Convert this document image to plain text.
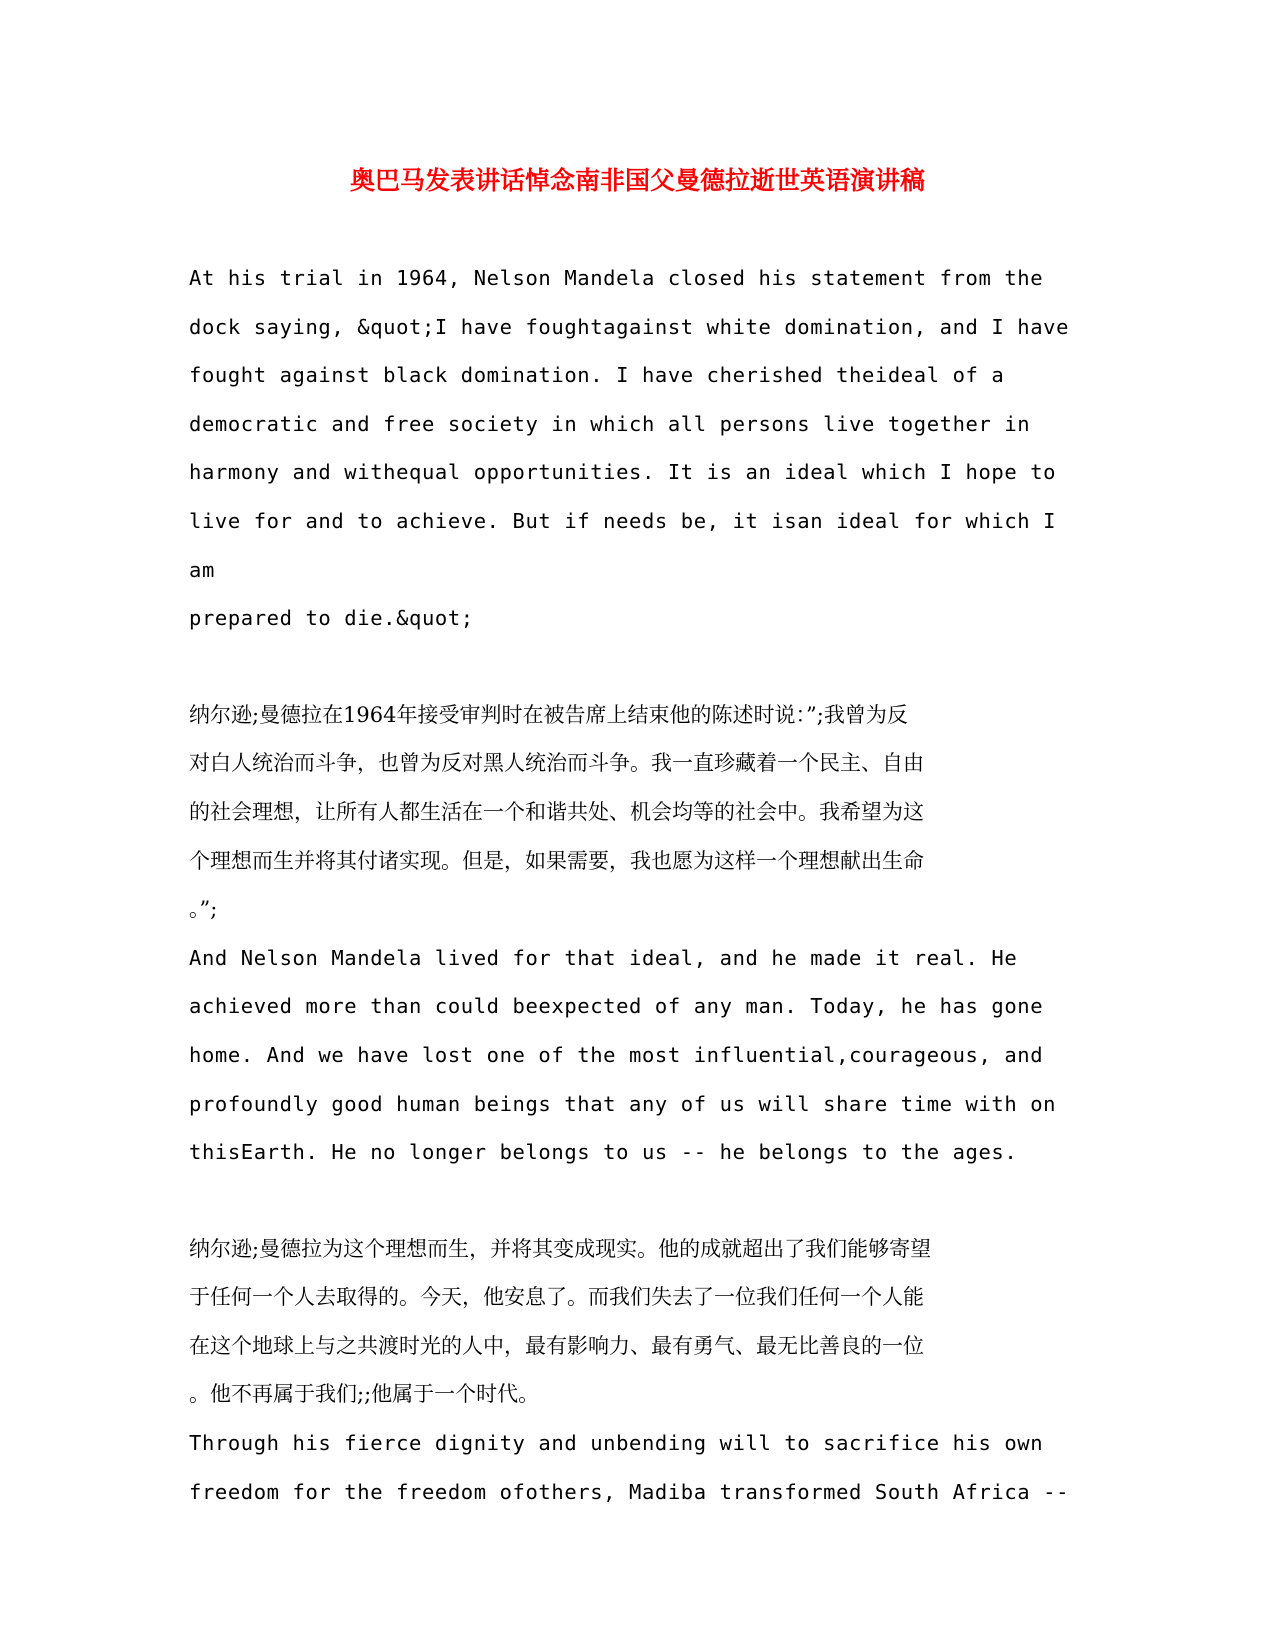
奥巴马发表讲话悼念南非国父曼德拉逝世英语演讲稿

At his trial in 1964, Nelson Mandela closed his statement from the
dock saying, &quot;I have foughtagainst white domination, and I have
fought against black domination. I have cherished theideal of a
democratic and free society in which all persons live together in
harmony and withequal opportunities. It is an ideal which I hope to
live for and to achieve. But if needs be, it isan ideal for which I am
prepared to die.&quot;

纳尔逊;曼德拉在1964年接受审判时在被告席上结束他的陈述时说：”;我曾为反
对白人统治而斗争，也曾为反对黑人统治而斗争。我一直珍藏着一个民主、自由
的社会理想，让所有人都生活在一个和谐共处、机会均等的社会中。我希望为这
个理想而生并将其付诸实现。但是，如果需要，我也愿为这样一个理想献出生命
。”;

And Nelson Mandela lived for that ideal, and he made it real. He
achieved more than could beexpected of any man. Today, he has gone
home. And we have lost one of the most influential,courageous, and
profoundly good human beings that any of us will share time with on
thisEarth. He no longer belongs to us -- he belongs to the ages.

纳尔逊;曼德拉为这个理想而生，并将其变成现实。他的成就超出了我们能够寄望
于任何一个人去取得的。今天，他安息了。而我们失去了一位我们任何一个人能
在这个地球上与之共渡时光的人中，最有影响力、最有勇气、最无比善良的一位
。他不再属于我们;;他属于一个时代。

Through his fierce dignity and unbending will to sacrifice his own
freedom for the freedom ofothers, Madiba transformed South Africa --
